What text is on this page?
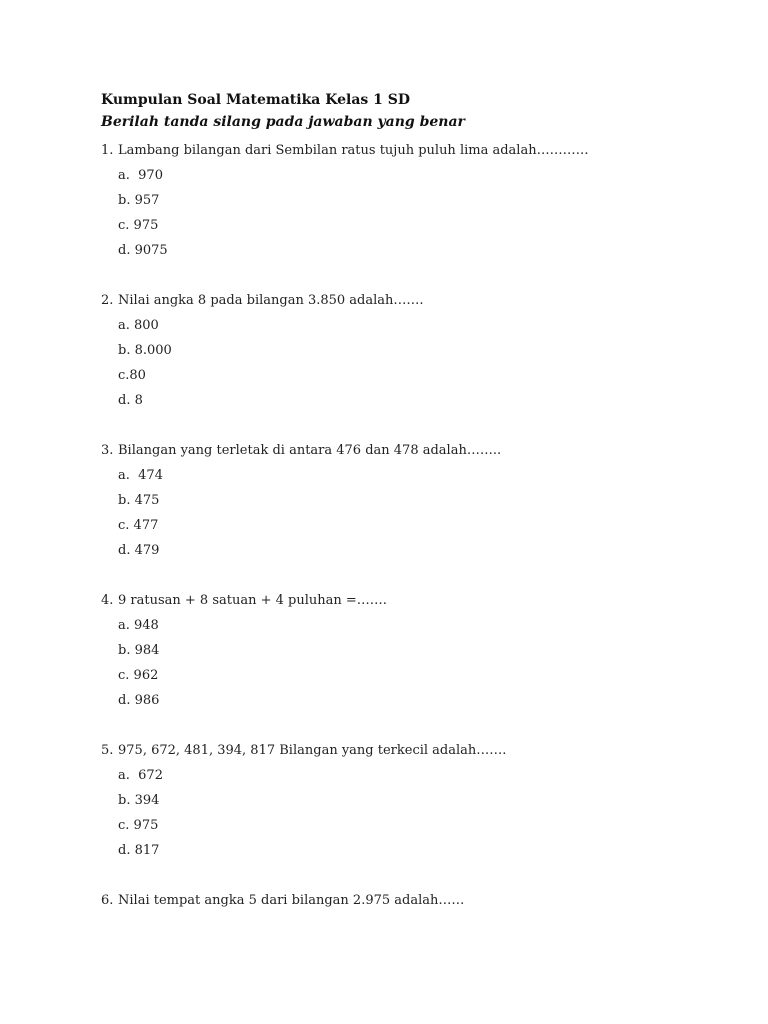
Kumpulan Soal Matematika Kelas 1 SD
Berilah tanda silang pada jawaban yang benar
1. Lambang bilangan dari Sembilan ratus tujuh puluh lima adalah…………
a.  970
b. 957
c. 975
d. 9075
2. Nilai angka 8 pada bilangan 3.850 adalah…….
a. 800
b. 8.000
c.80
d. 8
3. Bilangan yang terletak di antara 476 dan 478 adalah……..
a.  474
b. 475
c. 477
d. 479
4. 9 ratusan + 8 satuan + 4 puluhan =…….
a. 948
b. 984
c. 962
d. 986
5. 975, 672, 481, 394, 817 Bilangan yang terkecil adalah…….
a.  672
b. 394
c. 975
d. 817
6. Nilai tempat angka 5 dari bilangan 2.975 adalah……
